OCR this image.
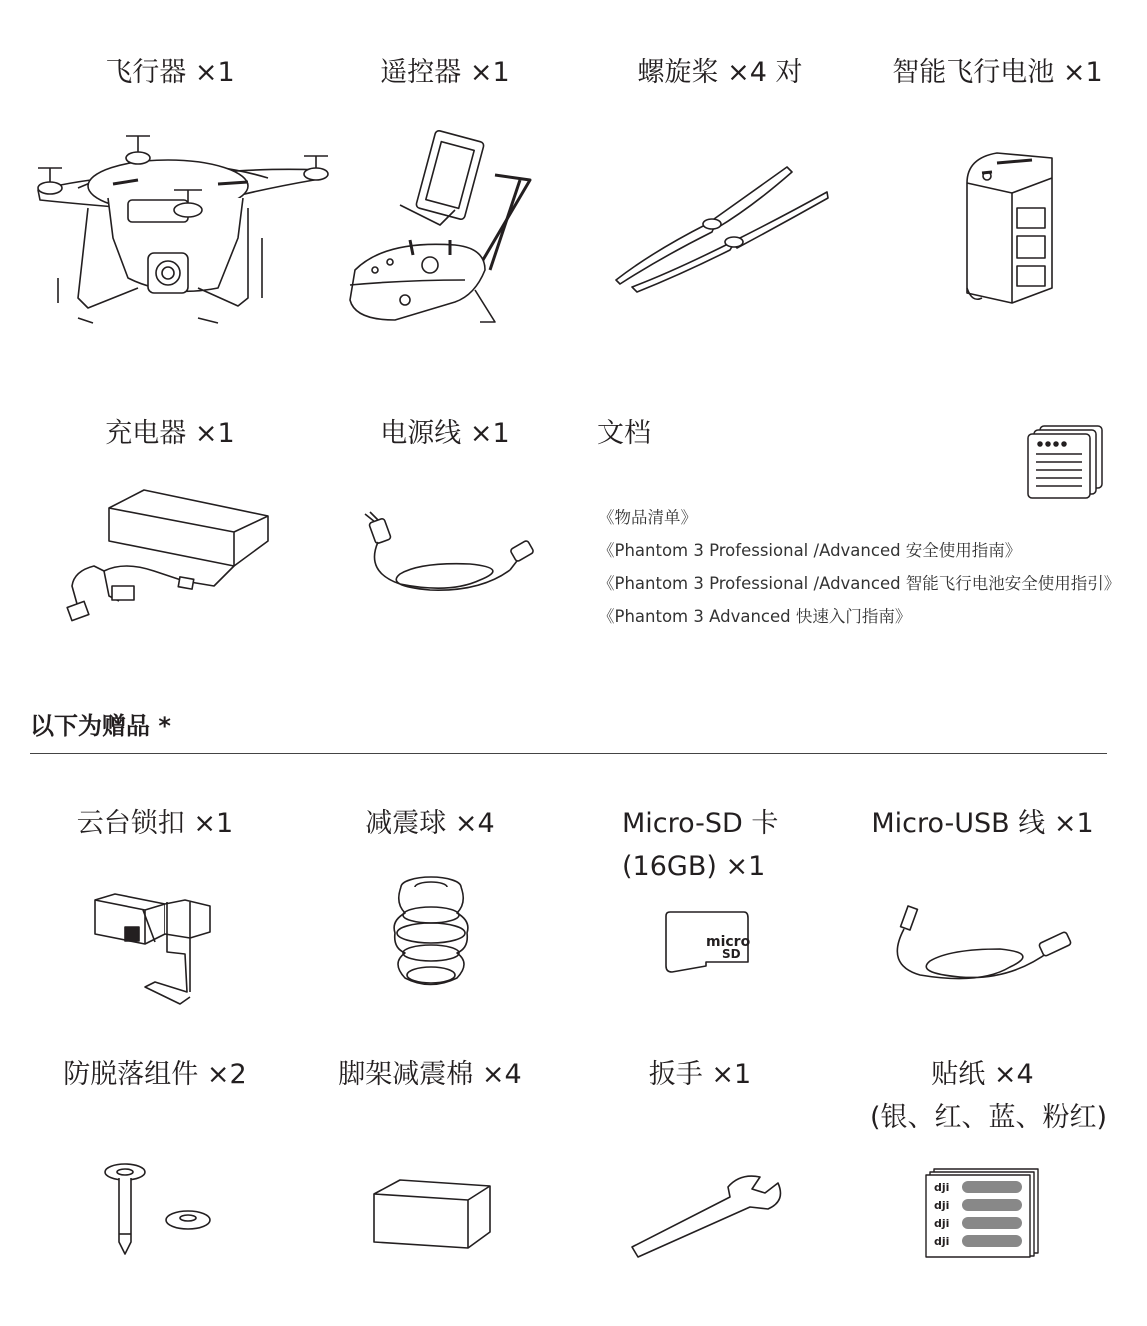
飞行器 ×1	遥控器 ×1	螺旋桨 ×4 对	智能飞行电池 ×1
充电器 ×1	电源线 ×1	文档
《物品清单》
《Phantom 3 Professional /Advanced 安全使用指南》
《Phantom 3 Professional /Advanced 智能飞行电池安全使用指引》
《Phantom 3 Advanced 快速入门指南》
以下为赠品 *
云台锁扣 ×1	减震球 ×4	Micro-SD 卡
(16GB) ×1
Micro-USB 线 ×1
micro
SD
防脱落组件 ×2	脚架减震棉 ×4	扳手 ×1	贴纸 ×4
(银、红、蓝、粉红)
dji
dji
dji
dji
